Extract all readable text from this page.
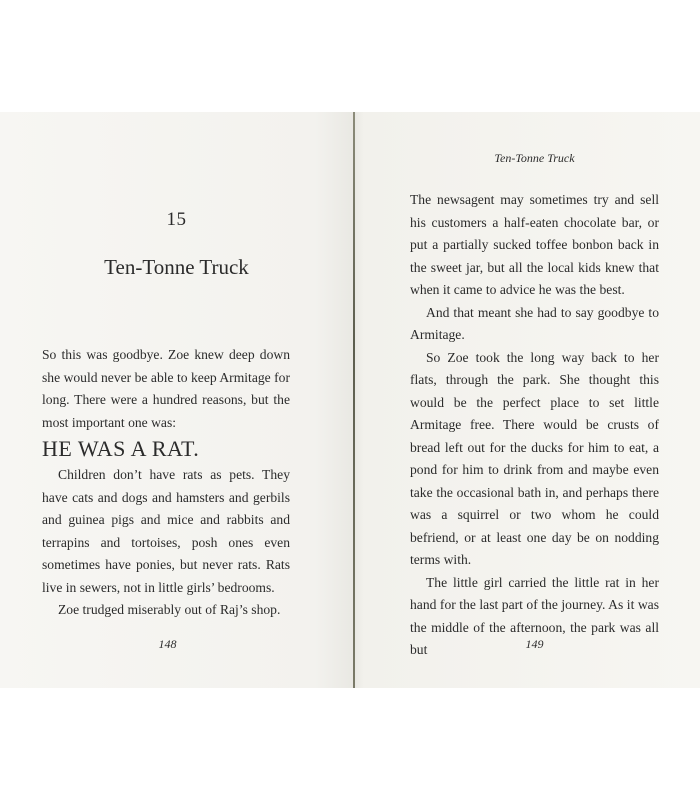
15
Ten-Tonne Truck

So this was goodbye. Zoe knew deep down she would never be able to keep Armitage for long. There were a hundred reasons, but the most important one was:

HE WAS A RAT.

Children don’t have rats as pets. They have cats and dogs and hamsters and gerbils and guinea pigs and mice and rabbits and terrapins and tortoises, posh ones even sometimes have ponies, but never rats. Rats live in sewers, not in little girls’ bedrooms.

Zoe trudged miserably out of Raj’s shop.

148
Ten-Tonne Truck

The newsagent may sometimes try and sell his customers a half-eaten chocolate bar, or put a partially sucked toffee bonbon back in the sweet jar, but all the local kids knew that when it came to advice he was the best.

And that meant she had to say goodbye to Armitage.

So Zoe took the long way back to her flats, through the park. She thought this would be the perfect place to set little Armitage free. There would be crusts of bread left out for the ducks for him to eat, a pond for him to drink from and maybe even take the occasional bath in, and perhaps there was a squirrel or two whom he could befriend, or at least one day be on nodding terms with.

The little girl carried the little rat in her hand for the last part of the journey. As it was the middle of the afternoon, the park was all but	149
